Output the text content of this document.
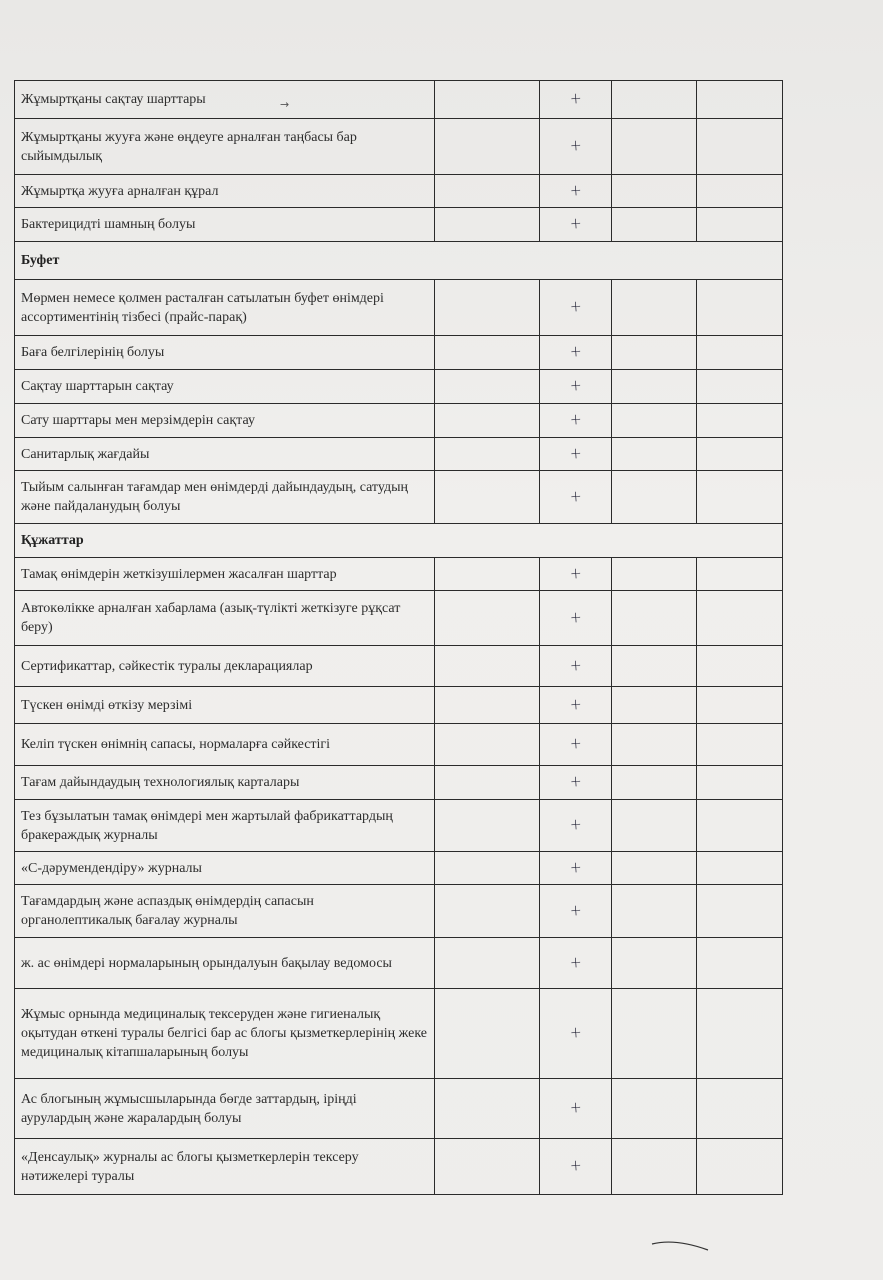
Жұмыртқаны сақтау шарттары		+		
Жұмыртқаны жууға және өңдеуге арналған таңбасы бар сыйымдылық		+		
Жұмыртқа жууға арналған құрал		+		
Бактерицидті шамның болуы		+		
Буфет				
Мөрмен немесе қолмен расталған сатылатын буфет өнімдері ассортиментінің тізбесі (прайс-парақ)		+		
Баға белгілерінің болуы		+		
Сақтау шарттарын сақтау		+		
Сату шарттары мен мерзімдерін сақтау		+		
Санитарлық жағдайы		+		
Тыйым салынған тағамдар мен өнімдерді дайындаудың, сатудың және пайдаланудың болуы		+		
Құжаттар				
Тамақ өнімдерін жеткізушілермен жасалған шарттар		+		
Автокөлікке арналған хабарлама (азық-түлікті жеткізуге рұқсат беру)		+		
Сертификаттар, сәйкестік туралы декларациялар		+		
Түскен өнімді өткізу мерзімі		+		
Келіп түскен өнімнің сапасы, нормаларға сәйкестігі		+		
Тағам дайындаудың технологиялық карталары		+		
Тез бұзылатын тамақ өнімдері мен жартылай фабрикаттардың бракераждық журналы		+		
«С-дәрумендендіру» журналы		+		
Тағамдардың және аспаздық өнімдердің сапасын органолептикалық бағалау журналы		+		
ж. ас өнімдері нормаларының орындалуын бақылау ведомосы		+		
Жұмыс орнында медициналық тексеруден және гигиеналық оқытудан өткені туралы белгісі бар ас блогы қызметкерлерінің жеке медициналық кітапшаларының болуы		+		
Ас блогының жұмысшыларында бөгде заттардың, іріңді аурулардың және жаралардың болуы		+		
«Денсаулық» журналы ас блогы қызметкерлерін тексеру нәтижелері туралы		+		
→
